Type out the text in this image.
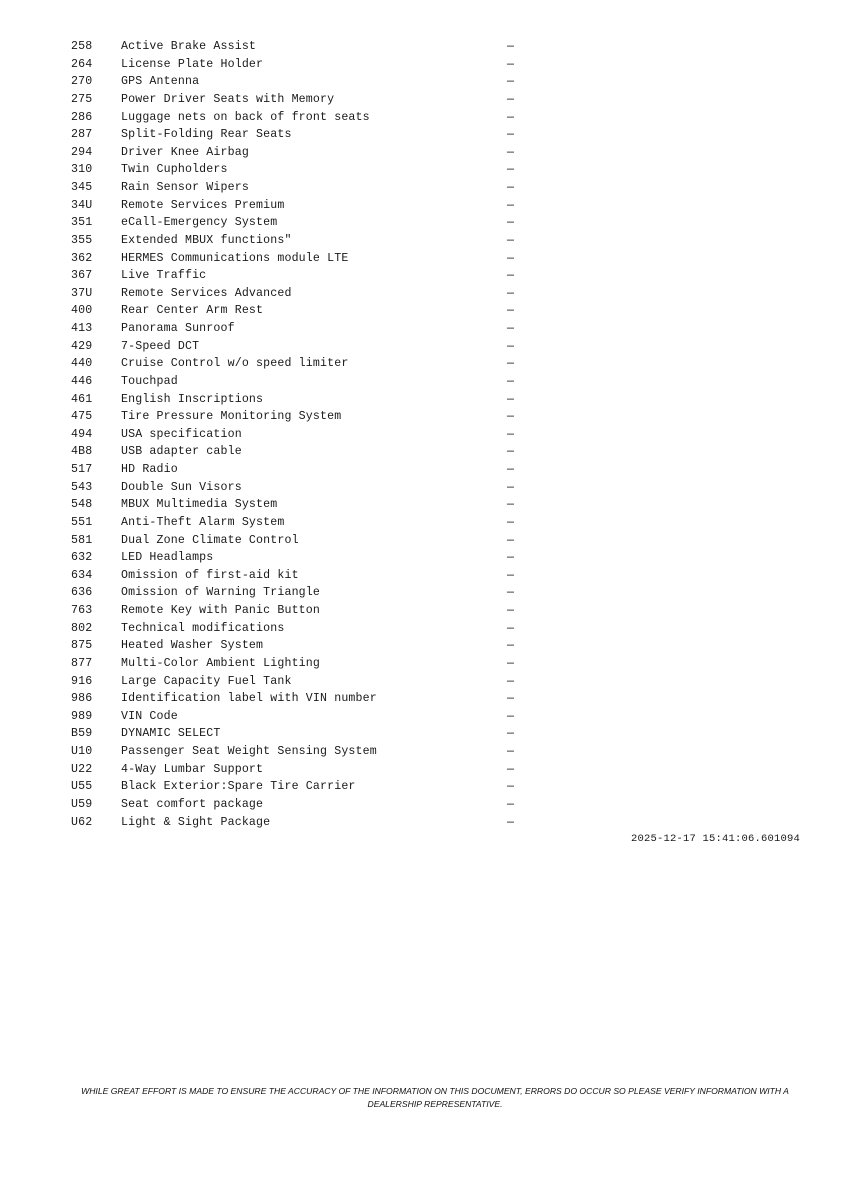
258 Active Brake Assist	—
264 License Plate Holder	—
270 GPS Antenna	—
275 Power Driver Seats with Memory	—
286 Luggage nets on back of front seats	—
287 Split-Folding Rear Seats	—
294 Driver Knee Airbag	—
310 Twin Cupholders	—
345 Rain Sensor Wipers	—
34U Remote Services Premium	—
351 eCall-Emergency System	—
355 Extended MBUX functions"	—
362 HERMES Communications module LTE	—
367 Live Traffic	—
37U Remote Services Advanced	—
400 Rear Center Arm Rest	—
413 Panorama Sunroof	—
429 7-Speed DCT	—
440 Cruise Control w/o speed limiter	—
446 Touchpad	—
461 English Inscriptions	—
475 Tire Pressure Monitoring System	—
494 USA specification	—
4B8 USB adapter cable	—
517 HD Radio	—
543 Double Sun Visors	—
548 MBUX Multimedia System	—
551 Anti-Theft Alarm System	—
581 Dual Zone Climate Control	—
632 LED Headlamps	—
634 Omission of first-aid kit	—
636 Omission of Warning Triangle	—
763 Remote Key with Panic Button	—
802 Technical modifications	—
875 Heated Washer System	—
877 Multi-Color Ambient Lighting	—
916 Large Capacity Fuel Tank	—
986 Identification label with VIN number	—
989 VIN Code	—
B59 DYNAMIC SELECT	—
U10 Passenger Seat Weight Sensing System	—
U22 4-Way Lumbar Support	—
U55 Black Exterior:Spare Tire Carrier	—
U59 Seat comfort package	—
U62 Light & Sight Package	—
2025-12-17 15:41:06.601094
WHILE GREAT EFFORT IS MADE TO ENSURE THE ACCURACY OF THE INFORMATION ON THIS DOCUMENT, ERRORS DO OCCUR SO PLEASE VERIFY INFORMATION WITH A
DEALERSHIP REPRESENTATIVE.
